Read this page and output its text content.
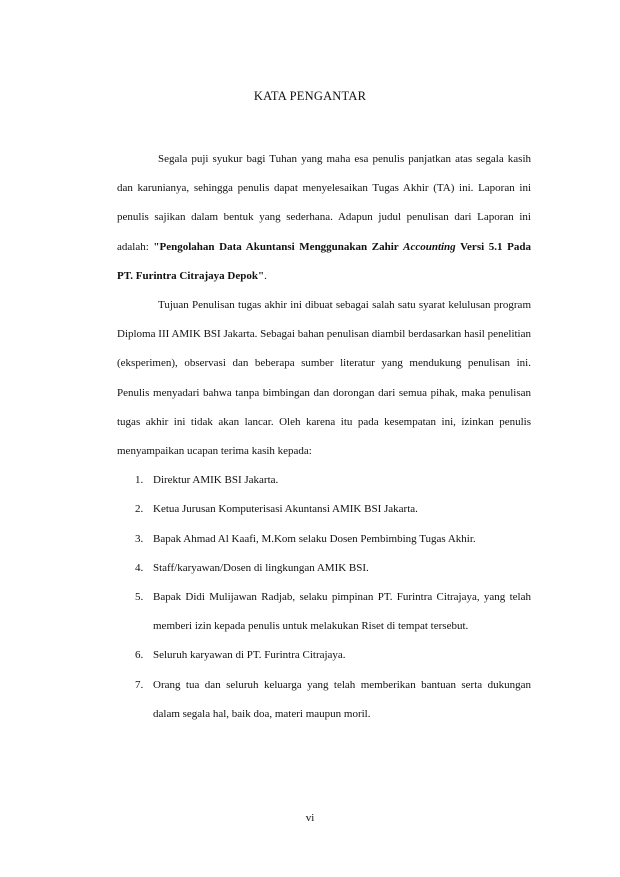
KATA PENGANTAR

Segala puji syukur bagi Tuhan yang maha esa penulis panjatkan atas segala kasih dan karunianya, sehingga penulis dapat menyelesaikan Tugas Akhir (TA) ini. Laporan ini penulis sajikan dalam bentuk yang sederhana. Adapun judul penulisan dari Laporan ini adalah: "Pengolahan Data Akuntansi Menggunakan Zahir Accounting Versi 5.1 Pada PT. Furintra Citrajaya Depok".

Tujuan Penulisan tugas akhir ini dibuat sebagai salah satu syarat kelulusan program Diploma III AMIK BSI Jakarta. Sebagai bahan penulisan diambil berdasarkan hasil penelitian (eksperimen), observasi dan beberapa sumber literatur yang mendukung penulisan ini. Penulis menyadari bahwa tanpa bimbingan dan dorongan dari semua pihak, maka penulisan tugas akhir ini tidak akan lancar. Oleh karena itu pada kesempatan ini, izinkan penulis menyampaikan ucapan terima kasih kepada:

1. Direktur AMIK BSI Jakarta.
2. Ketua Jurusan Komputerisasi Akuntansi AMIK BSI Jakarta.
3. Bapak Ahmad Al Kaafi, M.Kom selaku Dosen Pembimbing Tugas Akhir.
4. Staff/karyawan/Dosen di lingkungan AMIK BSI.
5. Bapak Didi Mulijawan Radjab, selaku pimpinan PT. Furintra Citrajaya, yang telah memberi izin kepada penulis untuk melakukan Riset di tempat tersebut.
6. Seluruh karyawan di PT. Furintra Citrajaya.
7. Orang tua dan seluruh keluarga yang telah memberikan bantuan serta dukungan dalam segala hal, baik doa, materi maupun moril.
vi
